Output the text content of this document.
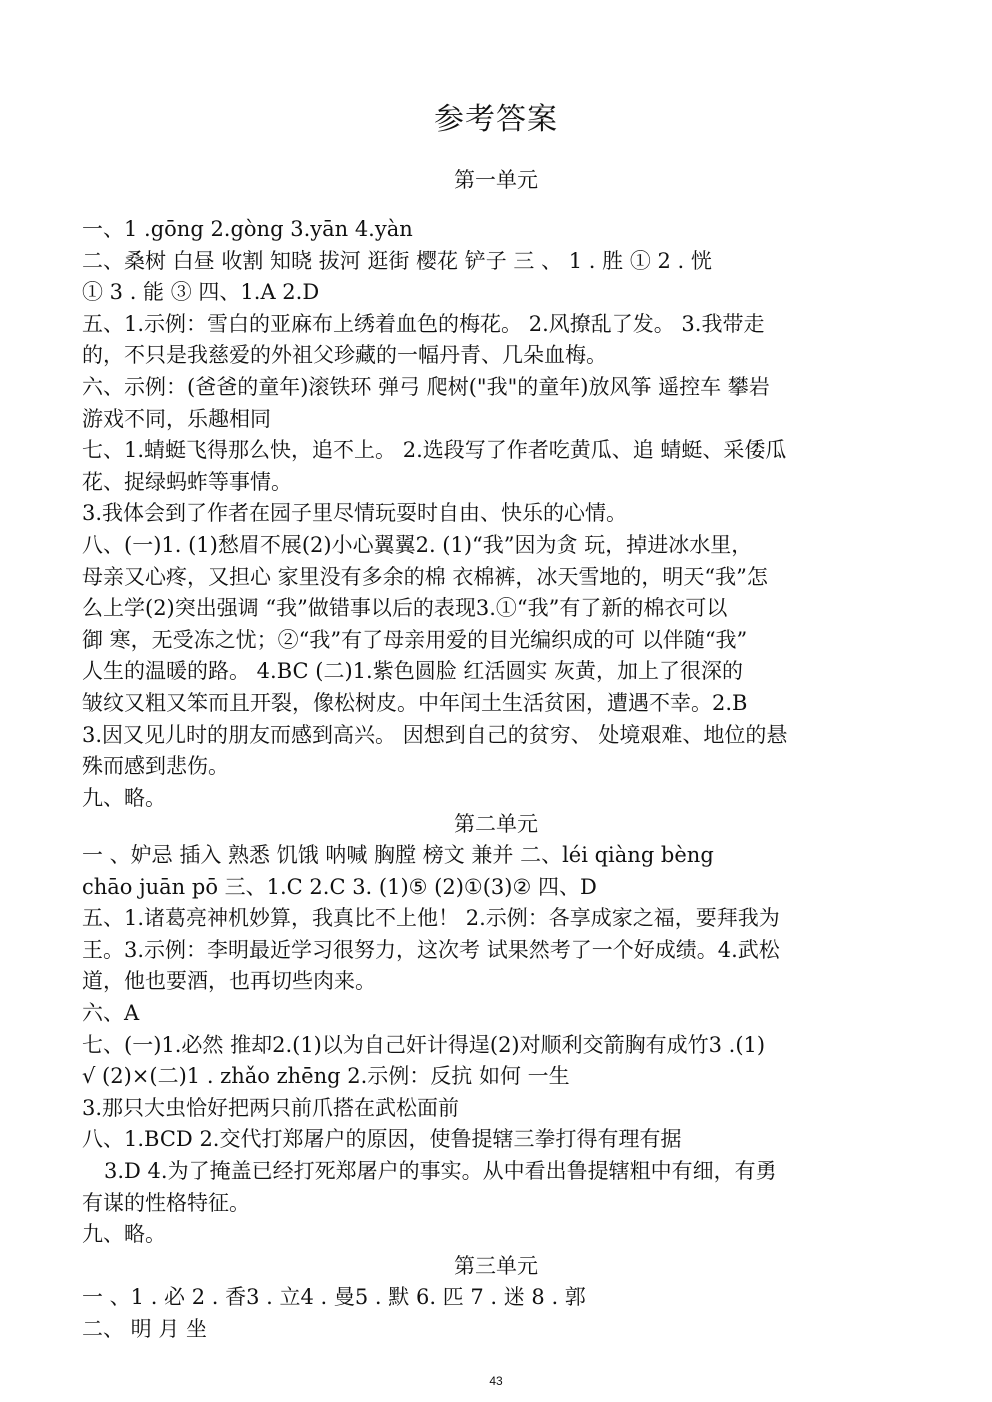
参考答案
第一单元
一、1 .gōng 2.gòng 3.yān 4.yàn
二、桑树 白昼 收割 知晓 拔河 逛街 樱花 铲子 三 、 1 . 胜 ① 2 . 恍
① 3 . 能 ③ 四、1.A 2.D
五、1.示例：雪白的亚麻布上绣着血色的梅花。 2.风撩乱了发。 3.我带走
的，不只是我慈爱的外祖父珍藏的一幅丹青、几朵血梅。
六、示例：(爸爸的童年)滚铁环 弹弓 爬树("我"的童年)放风筝 遥控车 攀岩
游戏不同，乐趣相同
七、1.蜻蜓飞得那么快，追不上。 2.选段写了作者吃黄瓜、追 蜻蜓、采倭瓜
花、捉绿蚂蚱等事情。
3.我体会到了作者在园子里尽情玩耍时自由、快乐的心情。
八、(一)1. (1)愁眉不展(2)小心翼翼2. (1)“我”因为贪 玩，掉进冰水里，
母亲又心疼，又担心 家里没有多余的棉 衣棉裤，冰天雪地的，明天“我”怎
么上学(2)突出强调 “我”做错事以后的表现3.①“我”有了新的棉衣可以
御 寒，无受冻之忧；②“我”有了母亲用爱的目光编织成的可 以伴随“我”
人生的温暖的路。 4.BC (二)1.紫色圆脸 红活圆实 灰黄，加上了很深的
皱纹又粗又笨而且开裂，像松树皮。中年闰土生活贫困，遭遇不幸。2.B
3.因又见儿时的朋友而感到高兴。 因想到自己的贫穷、 处境艰难、地位的悬
殊而感到悲伤。
九、略。
第二单元
一 、妒忌 插入 熟悉 饥饿 呐喊 胸膛 榜文 兼并 二、léi qiàng bèng
chāo juān pō 三、1.C 2.C 3. (1)⑤ (2)①(3)② 四、D
五、1.诸葛亮神机妙算，我真比不上他！ 2.示例：各享成家之福，要拜我为
王。3.示例：李明最近学习很努力，这次考 试果然考了一个好成绩。4.武松
道，他也要酒，也再切些肉来。
六、A
七、(一)1.必然 推却2.(1)以为自己奸计得逞(2)对顺利交箭胸有成竹3 .(1)
√ (2)×(二)1 . zhǎo zhēng 2.示例：反抗 如何 一生
3.那只大虫恰好把两只前爪搭在武松面前
八、1.BCD 2.交代打郑屠户的原因，使鲁提辖三拳打得有理有据
3.D 4.为了掩盖已经打死郑屠户的事实。从中看出鲁提辖粗中有细，有勇
有谋的性格特征。
九、略。
第三单元
一 、1 . 必 2 . 香3 . 立4 . 曼5 . 默 6. 匹 7 . 迷 8 . 郭
二、 明 月 坐
43
